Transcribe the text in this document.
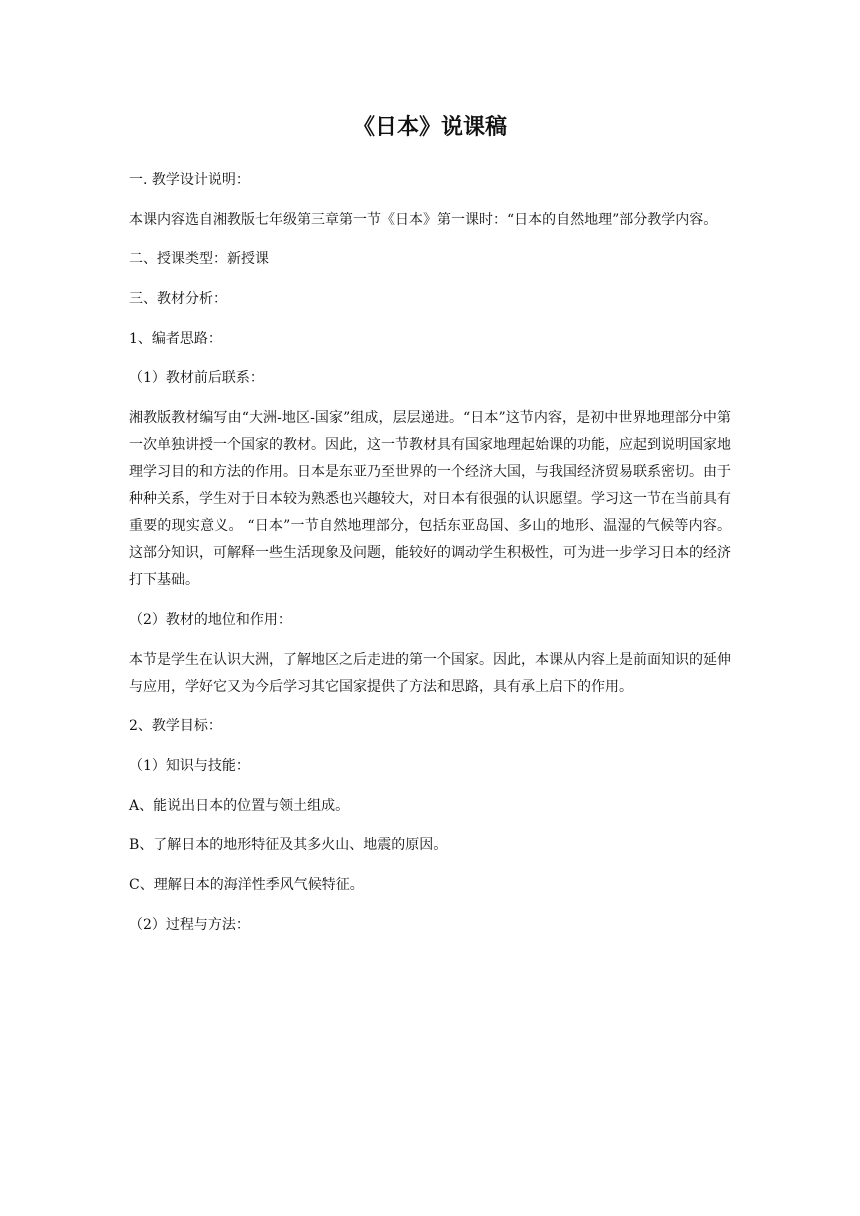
《日本》说课稿

一. 教学设计说明：

本课内容选自湘教版七年级第三章第一节《日本》第一课时：“日本的自然地理”部分教学内容。

二、授课类型：新授课

三、教材分析：

1、编者思路：

（1）教材前后联系：

湘教版教材编写由“大洲-地区-国家”组成，层层递进。“日本”这节内容，是初中世界地理部分中第一次单独讲授一个国家的教材。因此，这一节教材具有国家地理起始课的功能，应起到说明国家地理学习目的和方法的作用。日本是东亚乃至世界的一个经济大国，与我国经济贸易联系密切。由于种种关系，学生对于日本较为熟悉也兴趣较大，对日本有很强的认识愿望。学习这一节在当前具有重要的现实意义。 “日本”一节自然地理部分，包括东亚岛国、多山的地形、温湿的气候等内容。这部分知识，可解释一些生活现象及问题，能较好的调动学生积极性，可为进一步学习日本的经济打下基础。

（2）教材的地位和作用：

本节是学生在认识大洲，了解地区之后走进的第一个国家。因此，本课从内容上是前面知识的延伸与应用，学好它又为今后学习其它国家提供了方法和思路，具有承上启下的作用。

2、教学目标：

（1）知识与技能：

A、能说出日本的位置与领土组成。

B、了解日本的地形特征及其多火山、地震的原因。

C、理解日本的海洋性季风气候特征。

（2）过程与方法：
